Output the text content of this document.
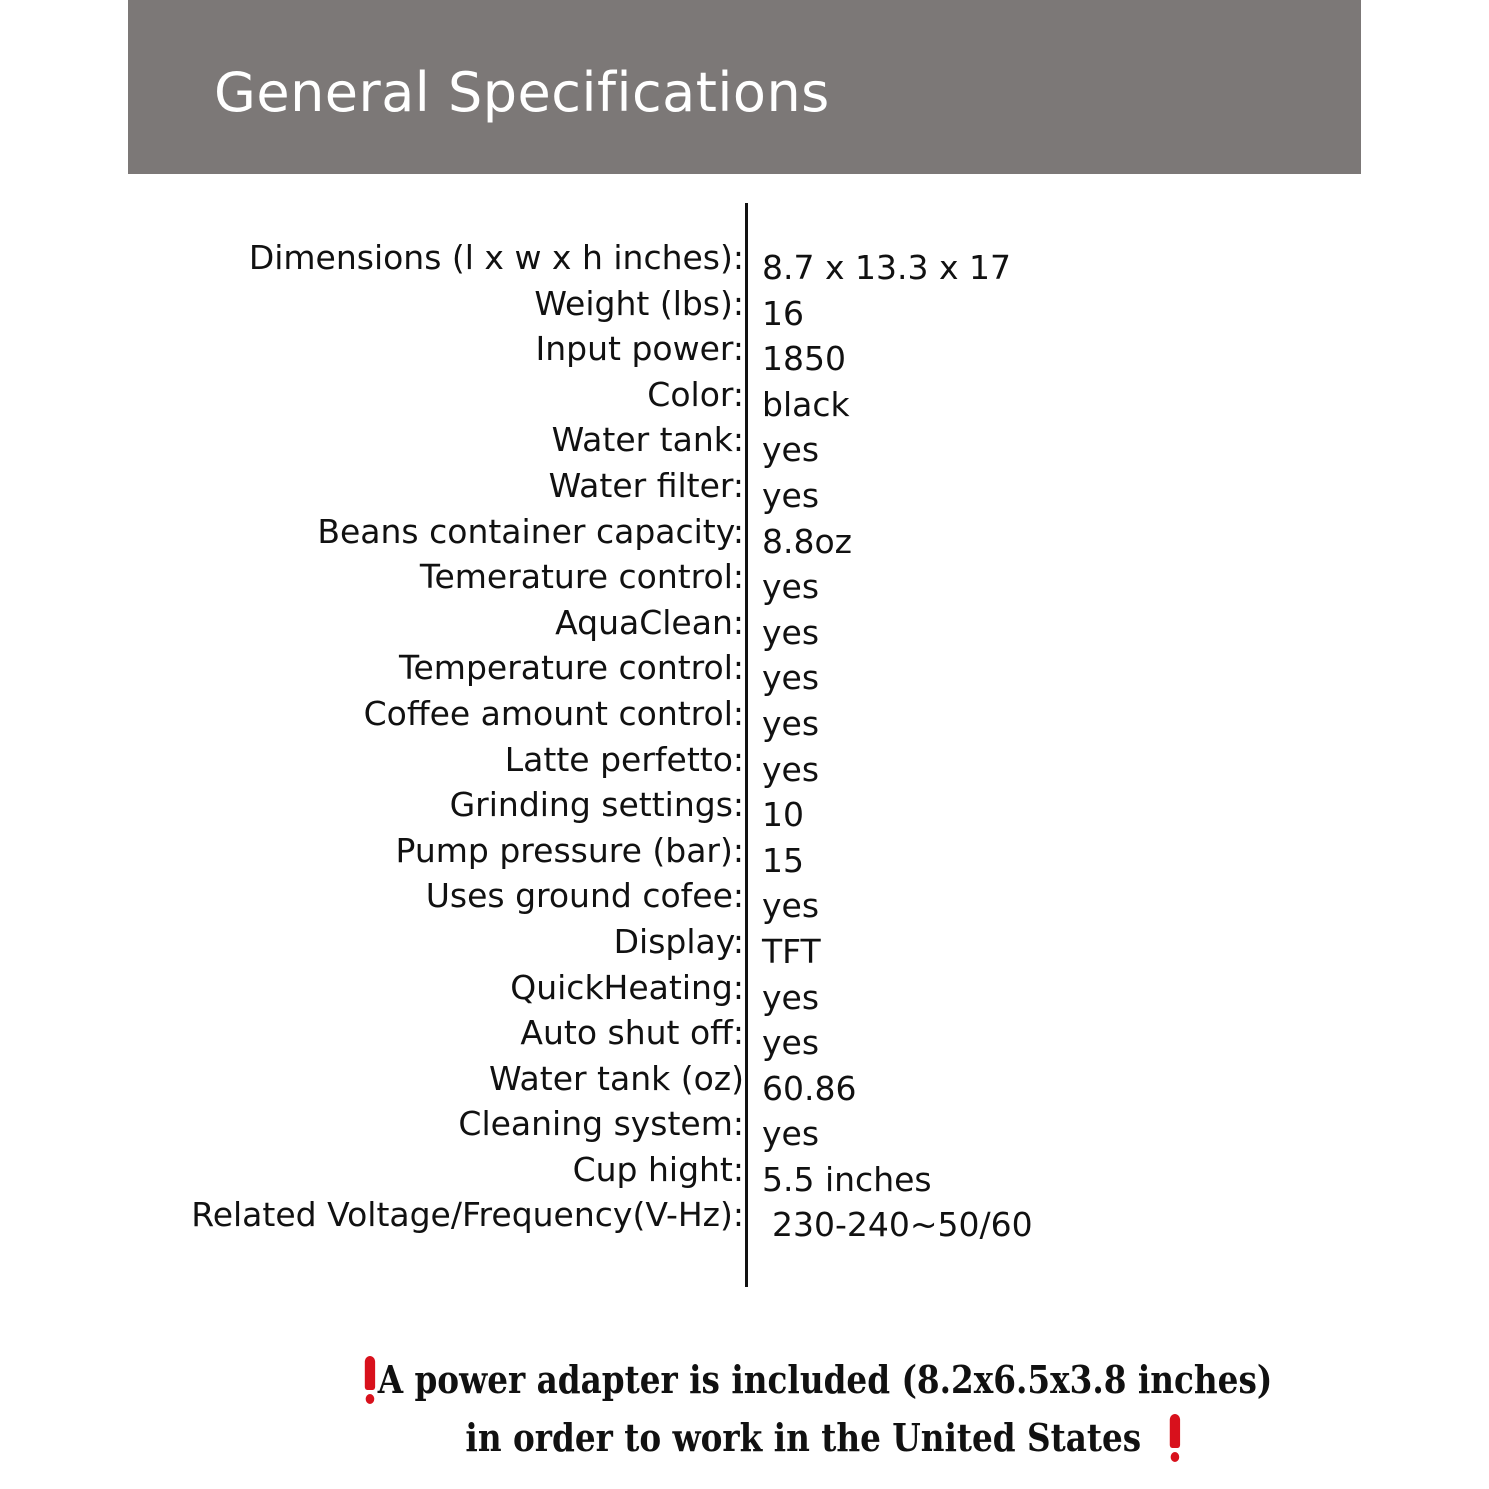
General Specifications
Dimensions (l x w x h inches): 8.7 x 13.3 x 17
Weight (lbs): 16
Input power: 1850
Color: black
Water tank: yes
Water filter: yes
Beans container capacity: 8.8oz
Temerature control: yes
AquaClean: yes
Temperature control: yes
Coffee amount control: yes
Latte perfetto: yes
Grinding settings: 10
Pump pressure (bar): 15
Uses ground cofee: yes
Display: TFT
QuickHeating: yes
Auto shut off: yes
Water tank (oz) 60.86
Cleaning system: yes
Cup hight: 5.5 inches
Related Voltage/Frequency(V-Hz): 230-240~50/60
A power adapter is included (8.2x6.5x3.8 inches)
in order to work in the United States
